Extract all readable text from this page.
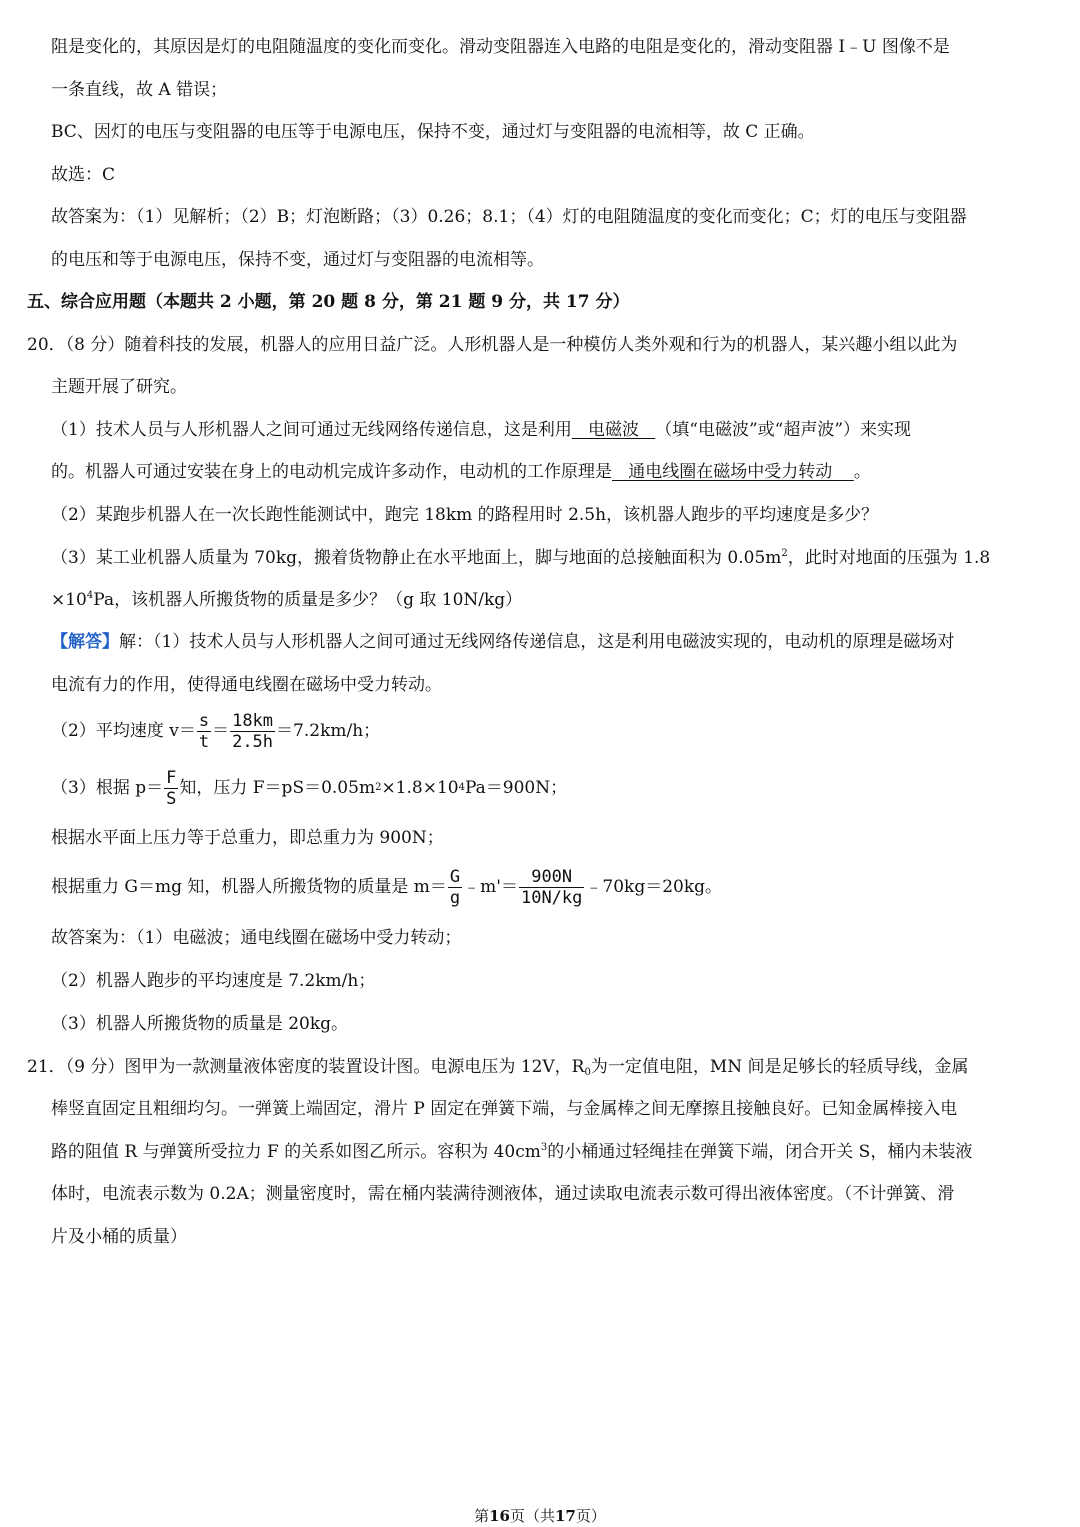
阻是变化的，其原因是灯的电阻随温度的变化而变化。滑动变阻器连入电路的电阻是变化的，滑动变阻器 I﹣U 图像不是
一条直线，故 A 错误；
BC、因灯的电压与变阻器的电压等于电源电压，保持不变，通过灯与变阻器的电流相等，故 C 正确。
故选：C
故答案为：（1）见解析；（2）B；灯泡断路；（3）0.26；8.1；（4）灯的电阻随温度的变化而变化；C；灯的电压与变阻器
的电压和等于电源电压，保持不变，通过灯与变阻器的电流相等。
五、综合应用题（本题共 2 小题，第 20 题 8 分，第 21 题 9 分，共 17 分）
20．（8 分）随着科技的发展，机器人的应用日益广泛。人形机器人是一种模仿人类外观和行为的机器人，某兴趣小组以此为
主题开展了研究。
（1）技术人员与人形机器人之间可通过无线网络传递信息，这是利用   电磁波   （填“电磁波”或“超声波”）来实现
的。机器人可通过安装在身上的电动机完成许多动作，电动机的工作原理是   通电线圈在磁场中受力转动    。
（2）某跑步机器人在一次长跑性能测试中，跑完 18km 的路程用时 2.5h，该机器人跑步的平均速度是多少？
（3）某工业机器人质量为 70kg，搬着货物静止在水平地面上，脚与地面的总接触面积为 $0.05m^2$，此时对地面的压强为 1.8
$\times 10^4Pa$，该机器人所搬货物的质量是多少？（g 取 10N/kg）
【解答】解：（1）技术人员与人形机器人之间可通过无线网络传递信息，这是利用电磁波实现的，电动机的原理是磁场对
电流有力的作用，使得通电线圈在磁场中受力转动。
（2）平均速度 $v= \frac{s}{t} = \frac{18km}{2.5h} =7.2km/h$；
（3）根据 $p= \frac{F}{S}$ 知，压力 F＝pS＝0.05m 2 ×1.8×10 4 Pa＝900N；
根据水平面上压力等于总重力，即总重力为 900N；
根据重力 G＝mg 知，机器人所搬货物的质量是 $m= \frac{G}{g}$ ﹣m'＝ $\frac{900N}{10N/kg}$ ﹣70kg＝20kg。
故答案为：（1）电磁波；通电线圈在磁场中受力转动；
（2）机器人跑步的平均速度是 7.2km/h；
（3）机器人所搬货物的质量是 20kg。
21．（9 分）图甲为一款测量液体密度的装置设计图。电源电压为 12V，$R_0$为一定值电阻，MN 间是足够长的轻质导线，金属
棒竖直固定且粗细均匀。一弹簧上端固定，滑片 P 固定在弹簧下端，与金属棒之间无摩擦且接触良好。已知金属棒接入电
路的阻值 R 与弹簧所受拉力 F 的关系如图乙所示。容积为 $40cm^3$的小桶通过轻绳挂在弹簧下端，闭合开关 S，桶内未装液
体时，电流表示数为 0.2A；测量密度时，需在桶内装满待测液体，通过读取电流表示数可得出液体密度。（不计弹簧、滑
片及小桶的质量）
第16页（共17页）
